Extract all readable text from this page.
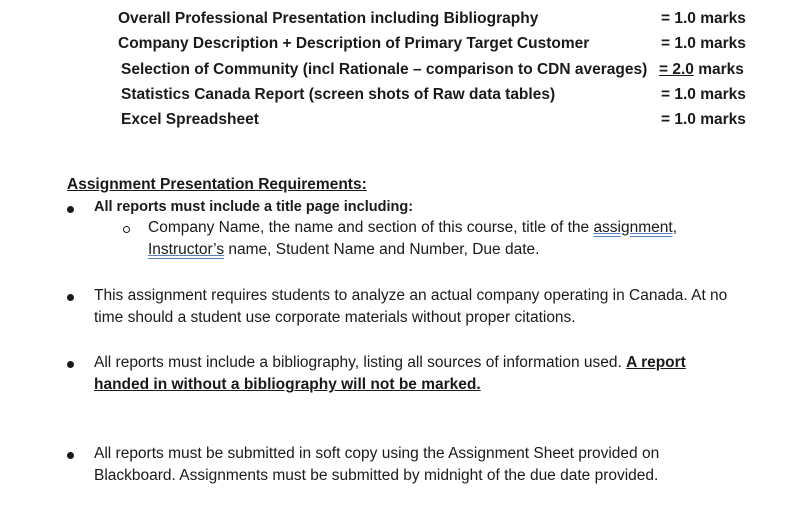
Overall Professional Presentation including Bibliography	= 1.0 marks
Company Description + Description of Primary Target Customer	= 1.0 marks
Selection of Community (incl Rationale – comparison to CDN averages) = 2.0 marks
Statistics Canada Report (screen shots of Raw data tables)	= 1.0 marks
Excel Spreadsheet	= 1.0 marks
Assignment Presentation Requirements:
All reports must include a title page including:
Company Name, the name and section of this course, title of the assignment,
Instructor’s name, Student Name and Number, Due date.
This assignment requires students to analyze an actual company operating in Canada. At no
time should a student use corporate materials without proper citations.
All reports must include a bibliography, listing all sources of information used. A report
handed in without a bibliography will not be marked.
All reports must be submitted in soft copy using the Assignment Sheet provided on
Blackboard. Assignments must be submitted by midnight of the due date provided.
